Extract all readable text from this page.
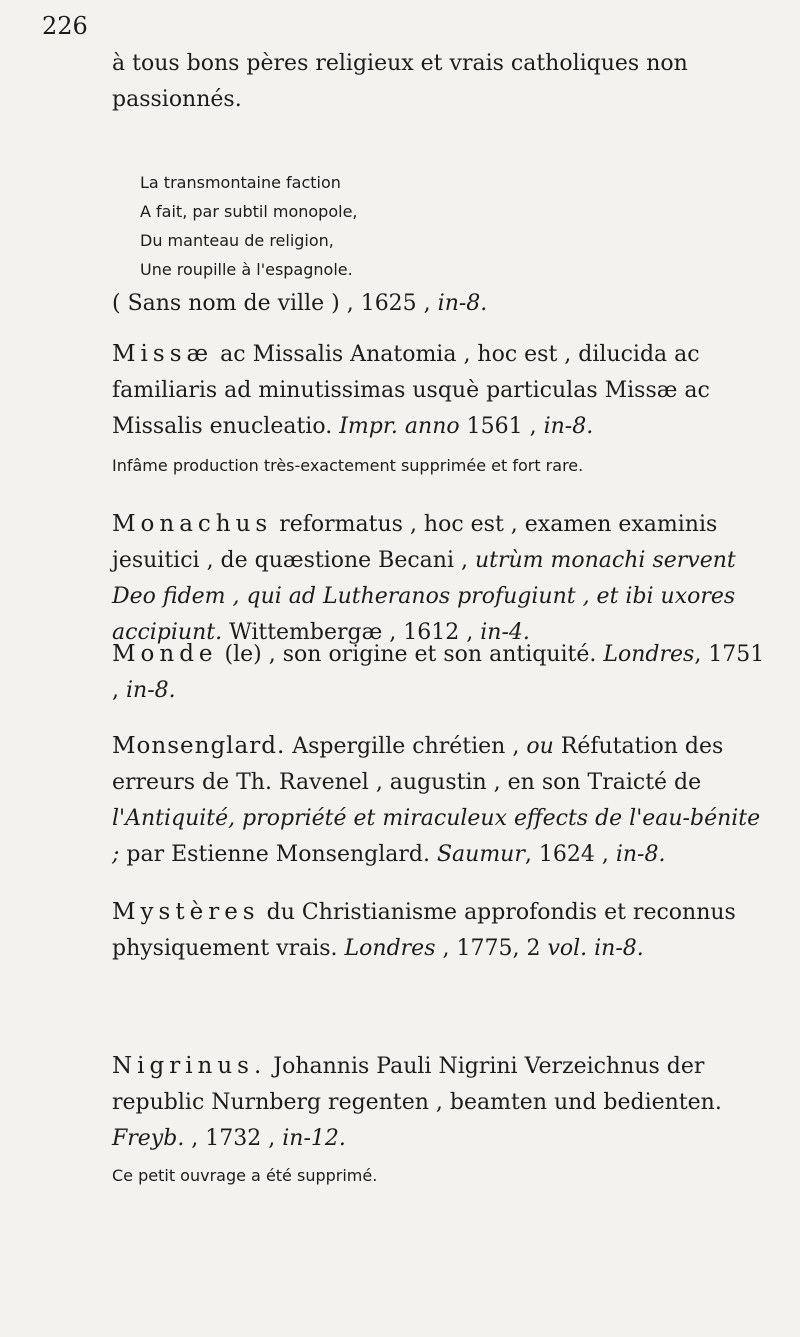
226

à tous bons pères religieux et vrais catholiques non
passionnés.

La transmontaine faction
A fait, par subtil monopole,
Du manteau de religion,
Une roupille à l'espagnole.

( Sans nom de ville ) , 1625 , in-8.

Missæ ac Missalis Anatomia , hoc est , dilucida ac familiaris ad minutissimas usquè particulas Missæ ac Missalis enucleatio. Impr. anno 1561 , in-8.

Infâme production très-exactement supprimée et fort rare.

Monachus reformatus , hoc est , examen examinis jesuitici , de quæstione Becani , utrùm monachi servent Deo fidem , qui ad Lutheranos profugiunt , et ibi uxores accipiunt. Wittembergæ , 1612 , in-4.

Monde (le) , son origine et son antiquité. Londres, 1751 , in-8.

Monsenglard. Aspergille chrétien , ou Réfutation des erreurs de Th. Ravenel , augustin , en son Traicté de l'Antiquité, propriété et miraculeux effects de l'eau-bénite ; par Estienne Monsenglard. Saumur, 1624 , in-8.

Mystères du Christianisme approfondis et reconnus physiquement vrais. Londres , 1775, 2 vol. in-8.

Nigrinus. Johannis Pauli Nigrini Verzeichnus der republic Nurnberg regenten , beamten und bedienten. Freyb. , 1732 , in-12.

Ce petit ouvrage a été supprimé.
